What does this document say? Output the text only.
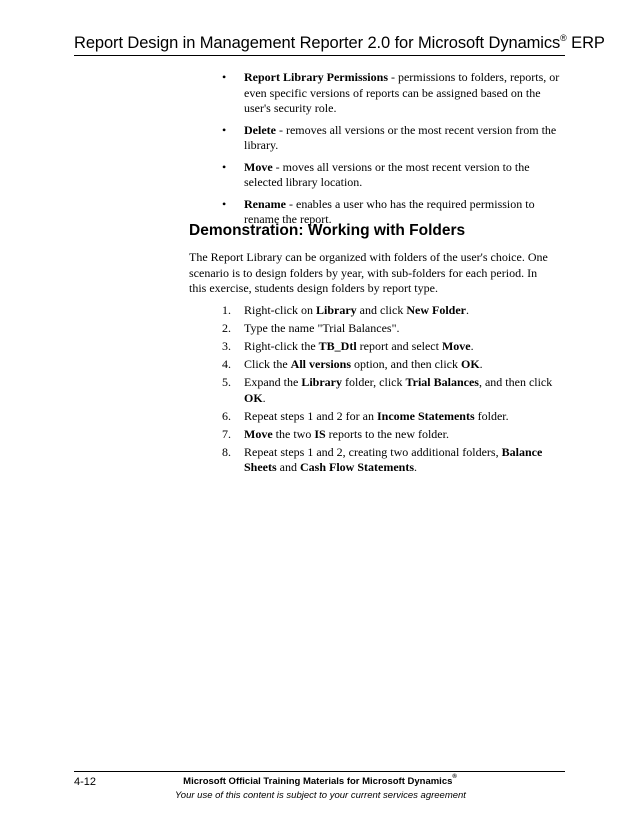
Report Design in Management Reporter 2.0 for Microsoft Dynamics® ERP
• Report Library Permissions - permissions to folders, reports, or even specific versions of reports can be assigned based on the user's security role.
• Delete - removes all versions or the most recent version from the library.
• Move - moves all versions or the most recent version to the selected library location.
• Rename - enables a user who has the required permission to rename the report.
Demonstration: Working with Folders

The Report Library can be organized with folders of the user's choice. One scenario is to design folders by year, with sub-folders for each period. In this exercise, students design folders by report type.

1. Right-click on Library and click New Folder.
2. Type the name "Trial Balances".
3. Right-click the TB_Dtl report and select Move.
4. Click the All versions option, and then click OK.
5. Expand the Library folder, click Trial Balances, and then click OK.
6. Repeat steps 1 and 2 for an Income Statements folder.
7. Move the two IS reports to the new folder.
8. Repeat steps 1 and 2, creating two additional folders, Balance Sheets and Cash Flow Statements.
4-12	Microsoft Official Training Materials for Microsoft Dynamics®
Your use of this content is subject to your current services agreement
